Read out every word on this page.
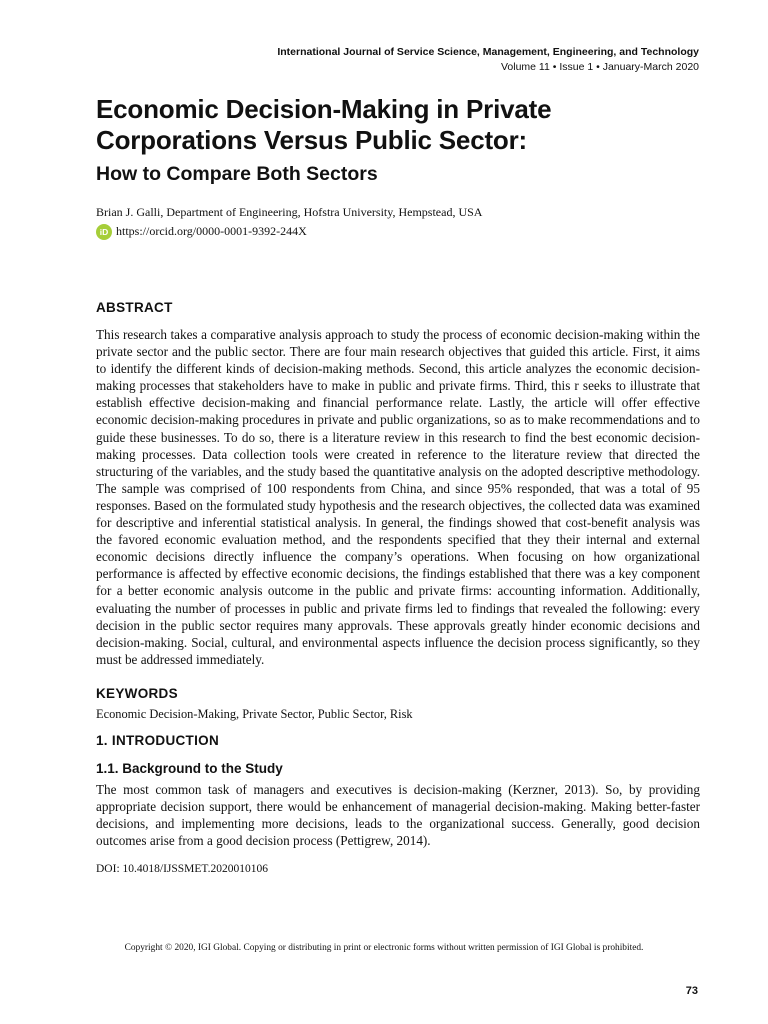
International Journal of Service Science, Management, Engineering, and Technology
Volume 11 • Issue 1 • January-March 2020
Economic Decision-Making in Private Corporations Versus Public Sector:
How to Compare Both Sectors
Brian J. Galli, Department of Engineering, Hofstra University, Hempstead, USA
iD https://orcid.org/0000-0001-9392-244X
ABSTRACT

This research takes a comparative analysis approach to study the process of economic decision-making within the private sector and the public sector. There are four main research objectives that guided this article. First, it aims to identify the different kinds of decision-making methods. Second, this article analyzes the economic decision-making processes that stakeholders have to make in public and private firms. Third, this r seeks to illustrate that establish effective decision-making and financial performance relate. Lastly, the article will offer effective economic decision-making procedures in private and public organizations, so as to make recommendations and to guide these businesses. To do so, there is a literature review in this research to find the best economic decision-making processes. Data collection tools were created in reference to the literature review that directed the structuring of the variables, and the study based the quantitative analysis on the adopted descriptive methodology. The sample was comprised of 100 respondents from China, and since 95% responded, that was a total of 95 responses. Based on the formulated study hypothesis and the research objectives, the collected data was examined for descriptive and inferential statistical analysis. In general, the findings showed that cost-benefit analysis was the favored economic evaluation method, and the respondents specified that they their internal and external economic decisions directly influence the company’s operations. When focusing on how organizational performance is affected by effective economic decisions, the findings established that there was a key component for a better economic analysis outcome in the public and private firms: accounting information. Additionally, evaluating the number of processes in public and private firms led to findings that revealed the following: every decision in the public sector requires many approvals. These approvals greatly hinder economic decisions and decision-making. Social, cultural, and environmental aspects influence the decision process significantly, so they must be addressed immediately.

KEYWORDS
Economic Decision-Making, Private Sector, Public Sector, Risk
1. INTRODUCTION
1.1. Background to the Study

The most common task of managers and executives is decision-making (Kerzner, 2013). So, by providing appropriate decision support, there would be enhancement of managerial decision-making. Making better-faster decisions, and implementing more decisions, leads to the organizational success. Generally, good decision outcomes arise from a good decision process (Pettigrew, 2014).

DOI: 10.4018/IJSSMET.2020010106
Copyright © 2020, IGI Global. Copying or distributing in print or electronic forms without written permission of IGI Global is prohibited.
73
